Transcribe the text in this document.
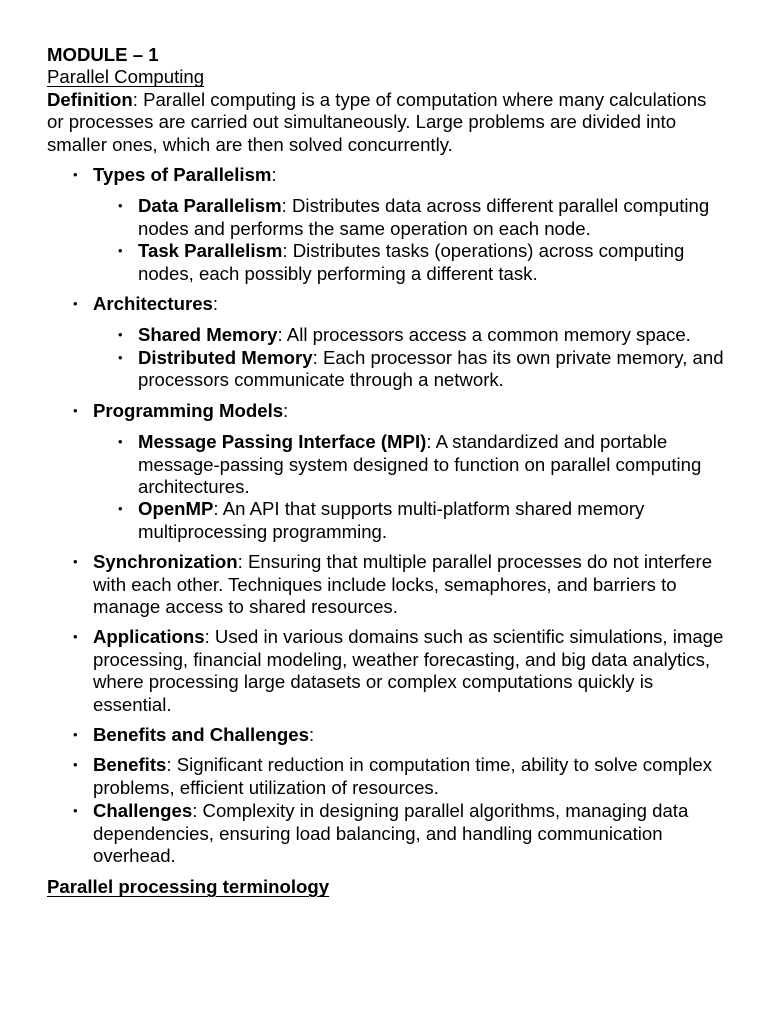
MODULE – 1

Parallel Computing

Definition: Parallel computing is a type of computation where many calculations or processes are carried out simultaneously. Large problems are divided into smaller ones, which are then solved concurrently.

• Types of Parallelism:
• Data Parallelism: Distributes data across different parallel computing nodes and performs the same operation on each node.
• Task Parallelism: Distributes tasks (operations) across computing nodes, each possibly performing a different task.
• Architectures:
• Shared Memory: All processors access a common memory space.
• Distributed Memory: Each processor has its own private memory, and processors communicate through a network.
• Programming Models:
• Message Passing Interface (MPI): A standardized and portable message-passing system designed to function on parallel computing architectures.
• OpenMP: An API that supports multi-platform shared memory multiprocessing programming.
• Synchronization: Ensuring that multiple parallel processes do not interfere with each other. Techniques include locks, semaphores, and barriers to manage access to shared resources.
• Applications: Used in various domains such as scientific simulations, image processing, financial modeling, weather forecasting, and big data analytics, where processing large datasets or complex computations quickly is essential.
• Benefits and Challenges:
• Benefits: Significant reduction in computation time, ability to solve complex problems, efficient utilization of resources.
• Challenges: Complexity in designing parallel algorithms, managing data dependencies, ensuring load balancing, and handling communication overhead.

Parallel processing terminology
